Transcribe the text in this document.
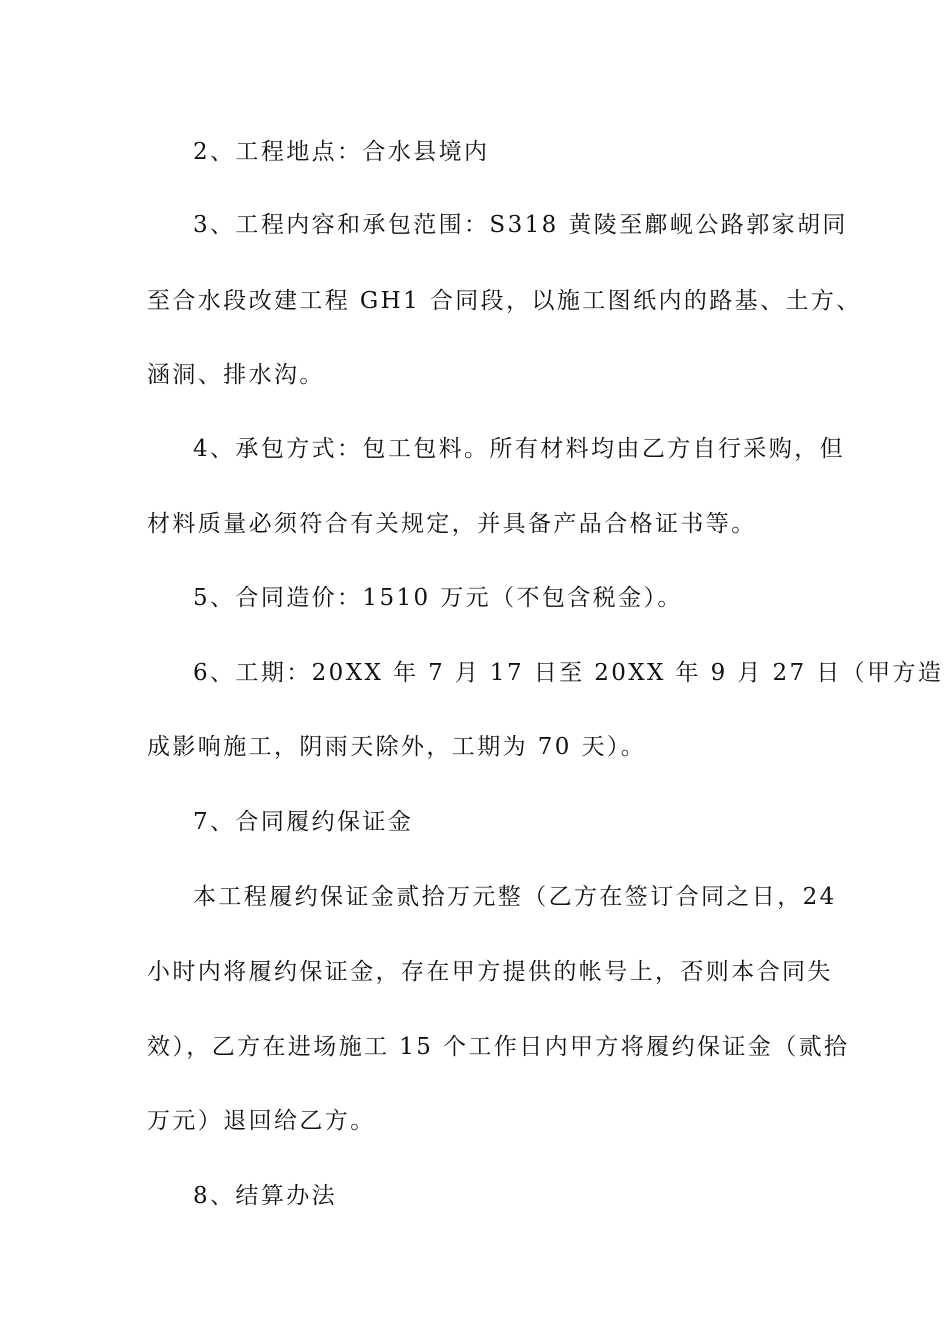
2、工程地点：合水县境内
3、工程内容和承包范围：S318 黄陵至鄜岘公路郭家胡同
至合水段改建工程 GH1 合同段，以施工图纸内的路基、土方、
涵洞、排水沟。
4、承包方式：包工包料。所有材料均由乙方自行采购，但
材料质量必须符合有关规定，并具备产品合格证书等。
5、合同造价：1510 万元（不包含税金）。
6、工期：20XX 年 7 月 17 日至 20XX 年 9 月 27 日（甲方造
成影响施工，阴雨天除外，工期为 70 天）。
7、合同履约保证金
本工程履约保证金贰拾万元整（乙方在签订合同之日，24
小时内将履约保证金，存在甲方提供的帐号上，否则本合同失
效），乙方在进场施工 15 个工作日内甲方将履约保证金（贰拾
万元）退回给乙方。
8、结算办法
